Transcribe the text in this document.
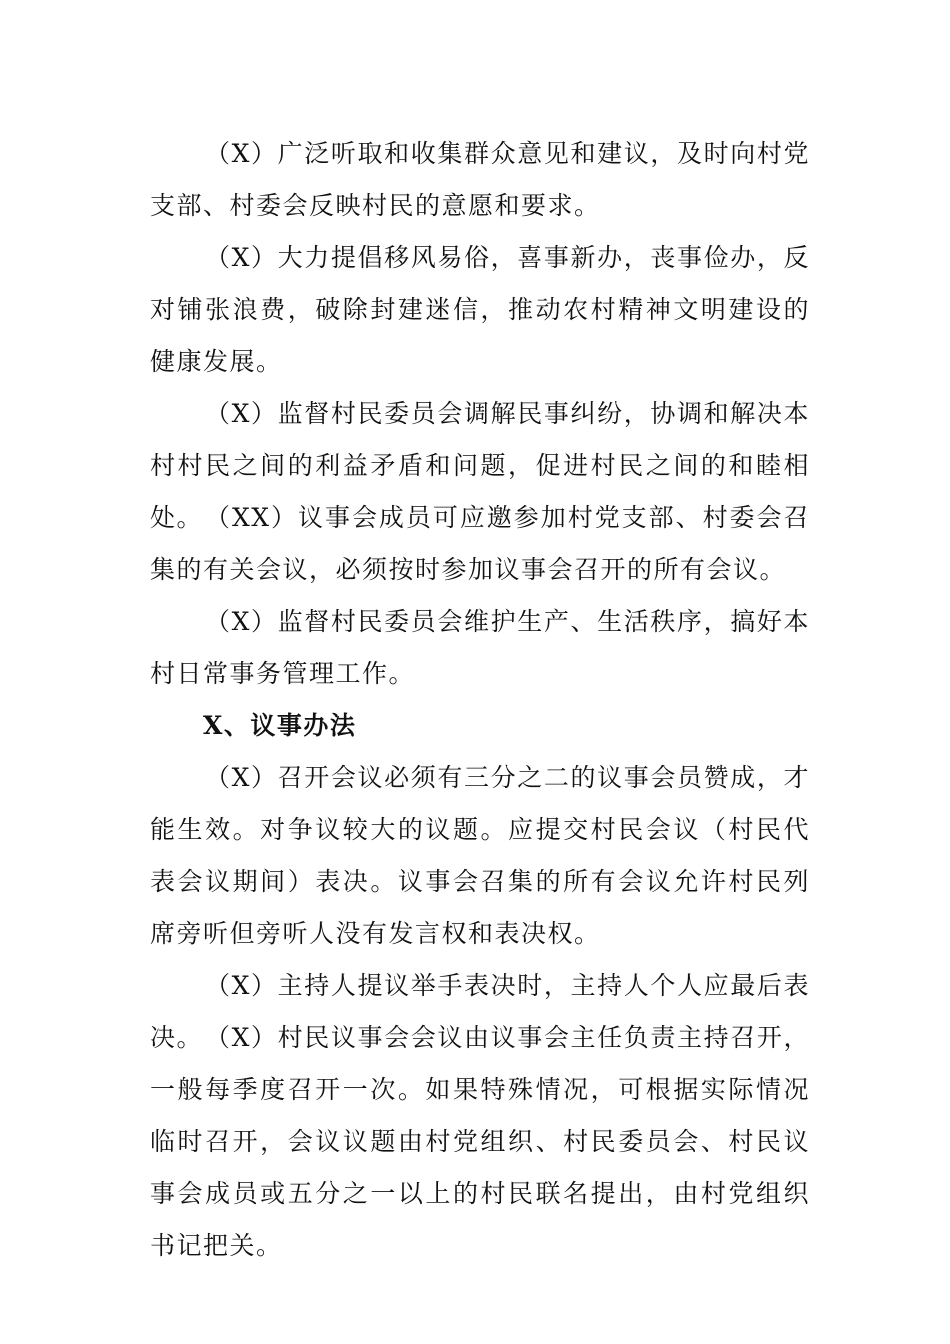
（X）广泛听取和收集群众意见和建议，及时向村党支部、村委会反映村民的意愿和要求。

（X）大力提倡移风易俗，喜事新办，丧事俭办，反对铺张浪费，破除封建迷信，推动农村精神文明建设的健康发展。

（X）监督村民委员会调解民事纠纷，协调和解决本村村民之间的利益矛盾和问题，促进村民之间的和睦相处。 （XX）议事会成员可应邀参加村党支部、村委会召集的有关会议，必须按时参加议事会召开的所有会议。

（X）监督村民委员会维护生产、生活秩序，搞好本村日常事务管理工作。

X、议事办法

（X）召开会议必须有三分之二的议事会员赞成，才能生效。对争议较大的议题。应提交村民会议（村民代表会议期间）表决。议事会召集的所有会议允许村民列席旁听但旁听人没有发言权和表决权。

（X）主持人提议举手表决时，主持人个人应最后表决。 （X）村民议事会会议由议事会主任负责主持召开，一般每季度召开一次。如果特殊情况，可根据实际情况临时召开，会议议题由村党组织、村民委员会、村民议事会成员或五分之一以上的村民联名提出，由村党组织书记把关。
